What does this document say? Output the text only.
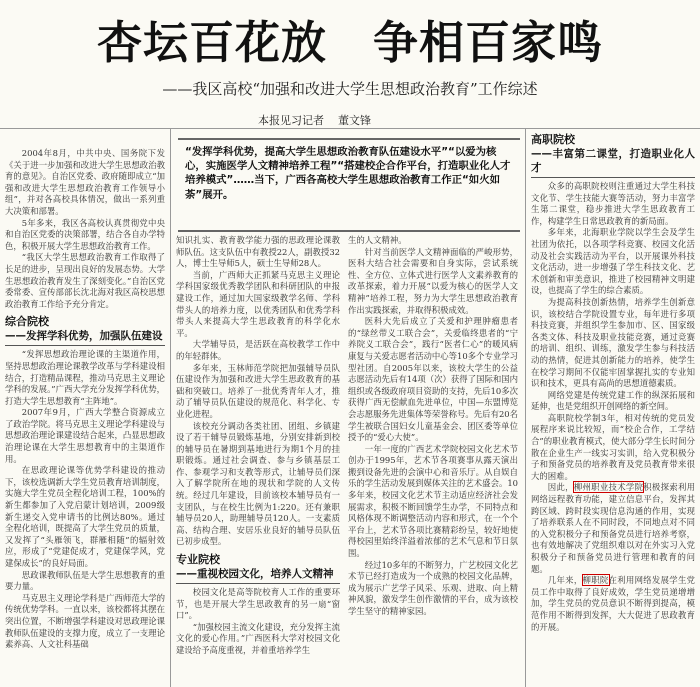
杏坛百花放　争相百家鸣
——我区高校“加强和改进大学生思想政治教育”工作综述
本报见习记者 董文锋
“发挥学科优势，提高大学生思想政治教育队伍建设水平”“以爱为核心，实施医学人文精神培养工程”“搭建校企合作平台，打造职业化人才培养模式”……当下，广西各高校大学生思想政治教育工作正“如火如荼”展开。

2004年8月，中共中央、国务院下发《关于进一步加强和改进大学生思想政治教育的意见》。自治区党委、政府随即成立“加强和改进大学生思想政治教育工作领导小组”，并对各高校具体情况，做出一系列重大决策和部署。

5年多来，我区各高校认真贯彻党中央和自治区党委的决策部署，结合各自办学特色，积极开展大学生思想政治教育工作。

“我区大学生思想政治教育工作取得了长足的进步，呈现出良好的发展态势。大学生思想政治教育发生了深刻变化。”自治区党委常委、宣传部部长沈北海对我区高校思想政治教育工作给予充分肯定。

综合院校
——发挥学科优势，加强队伍建设

“发挥思想政治理论课的主渠道作用，坚持思想政治理论课教学改革与学科建设相结合，打造精品课程，推动马克思主义理论学科的发展。”广西大学充分发挥学科优势，打造大学生思想教育“主阵地”。

2007年9月，广西大学整合资源成立了政治学院。将马克思主义理论学科建设与思想政治理论课建设结合起来，凸显思想政治理论课在大学生思想教育中的主渠道作用。

在思政理论课等优势学科建设的推动下，该校选调新大学生党员教育培训制度，实施大学生党员全程化培训工程，100%的新生都参加了入党启蒙计划培训，2009级新生递交入党申请书的比例达80%。通过全程化培训，既提高了大学生党员的质量，又发挥了“头雁领飞，群雁相随”的辐射效应，形成了“党建促成才，党建保学风，党建保成长”的良好局面。

思政课教师队伍是大学生思想教育的重要力量。

马克思主义理论学科是广西师范大学的传统优势学科。一直以来，该校都将其摆在突出位置，不断增强学科建设对思政理论课教师队伍建设的支撑力度，成立了一支理论素养高、人文社科基础

知识扎实、教育教学能力强的思政理论课教师队伍。这支队伍中有教授22人，副教授32人，博士生导师5人，硕士生导师28人。

当前，广西师大正抓紧马克思主义理论学科国家级优秀教学团队和科研团队的申报建设工作，通过加大国家级教学名师、学科带头人的培养力度，以优秀团队和优秀学科带头人来提高大学生思政教育的科学化水平。

大学辅导员，是活跃在高校教学工作中的年轻群体。

多年来，玉林师范学院把加强辅导员队伍建设作为加强和改进大学生思政教育的基础和突破口。培养了一批优秀青年人才，推动了辅导员队伍建设的规范化、科学化、专业化进程。

该校充分调动各类社团、团组、乡镇建设了若干辅导员锻炼基地，分别安排新到校的辅导员在暑期到基地进行为期1个月的挂职锻炼。通过社会调查、参与乡镇基层工作、参观学习和支教等形式，让辅导员们深入了解学院所在地的现状和学院的人文传统。经过几年建设，目前该校本辅导员有一支团队，与在校生比例为1:220。还有兼职辅导员20人，助理辅导员120人。一支素质高、结构合理、安居乐业良好的辅导员队伍已初步成型。

专业院校
——重视校园文化，培养人文精神

校园文化是高等院校育人工作的重要环节，也是开展大学生思政教育的另一扇“窗口”。

“加强校园主流文化建设，充分发挥主流文化的爱心作用。”广西医科大学对校园文化建设给予高度重视，并着重培养学生

生的人文精神。

针对当前医学人文精神面临的严峻形势，医科大结合社会需要和自身实际，尝试系统性、全方位、立体式进行医学人文素养教育的改革探索，着力开展“以爱为核心的医学人文精神”培养工程，努力为大学生思想政治教育作出实践探索，并取得积极成效。

医科大先后成立了关爱和护理肿瘤患者的“绿丝带义工联合会”，关爱临终患者的“宁养院义工联合会”，践行“医者仁心”的暖风病康复与关爱志愿者活动中心等10多个专业学习型社团。自2005年以来，该校大学生的公益志愿活动先后有14项（次）获得了国际和国内组织或各级政府项目资助的支持，先后10多次获得广西无偿献血先进单位，中国—东盟博览会志愿服务先进集体等荣誉称号。先后有20名学生被联合国妇女儿童基金会、团区委等单位授予的“爱心大使”。

一年一度的广西艺术学院校园文化艺术节创办于1995年，艺术节各项赛事从露天演出搬到设备先进的会演中心和音乐厅。从自娱自乐的学生活动发展到媒体关注的艺术盛会。10多年来，校园文化艺术节主动适应经济社会发展需求，积极不断回馈学生办学，不同特点和风格体现不断调整活动内容和形式，在一个个平台上，艺术节各项比赛精彩纷呈，较好地使得校园里始终洋溢着浓郁的艺术气息和节日氛围。

经过10多年的不断努力，广艺校园文化艺术节已经打造成为一个成熟的校园文化品牌，成为展示广艺学子风采、乐观、进取、向上精神风貌，激发学生创作激情的平台，成为该校学生坚守的精神家园。

高职院校
——丰富第二课堂，打造职业化人才

众多的高职院校则注重通过大学生科技文化节、学生技能大赛等活动，努力丰富学生第二课堂，稳步推进大学生思政教育工作，构建学生日常思政教育的新局面。

多年来，北海职业学院以学生会及学生社团为依托，以各项学科竞赛、校园文化活动及社会实践活动为平台，以开展课外科技文化活动，进一步增强了学生科技文化、艺术创新和审美意识，推进了校园精神文明建设，也提高了学生的综合素质。

为提高科技创新热情，培养学生创新意识，该校结合学院设置专业，每年进行多项科技竞赛，并组织学生参加市、区、国家级各类文体、科技及职业技能竞赛，通过竞赛的培训、组织、训练，激发学生参与科技活动的热情，促进其创新能力的培养，使学生在校学习期间不仅能牢固掌握扎实的专业知识和技术，更具有高尚的思想道德素质。

网络党建是传统党建工作的纵深拓展和延伸，也是党组织开创网络的新空间。

高职院校学制3年，相对传统的党员发展程序来说比较短，而“校企合作，工学结合”的职业教育模式，使大部分学生长时间分散在企业生产一线实习实训，给入党积极分子和预备党员的培养教育及党员教育带来很大的困难。

因此，柳州职业技术学院积极探索利用网络远程教育功能，建立信息平台，发挥其跨区域、跨时段实现信息沟通的作用，实现了培养联系人在不同时段，不同地点对不同的入党积极分子和预备党员进行培养考察，也有效地解决了党组织难以对在外实习入党积极分子和预备党员进行管理和教育的问题。

几年来，柳职院在利用网络发展学生党员工作中取得了良好成效，学生党员递增增加，学生党员的党员意识不断得到提高，模范作用不断得到发挥，大大促进了思政教育的开展。
